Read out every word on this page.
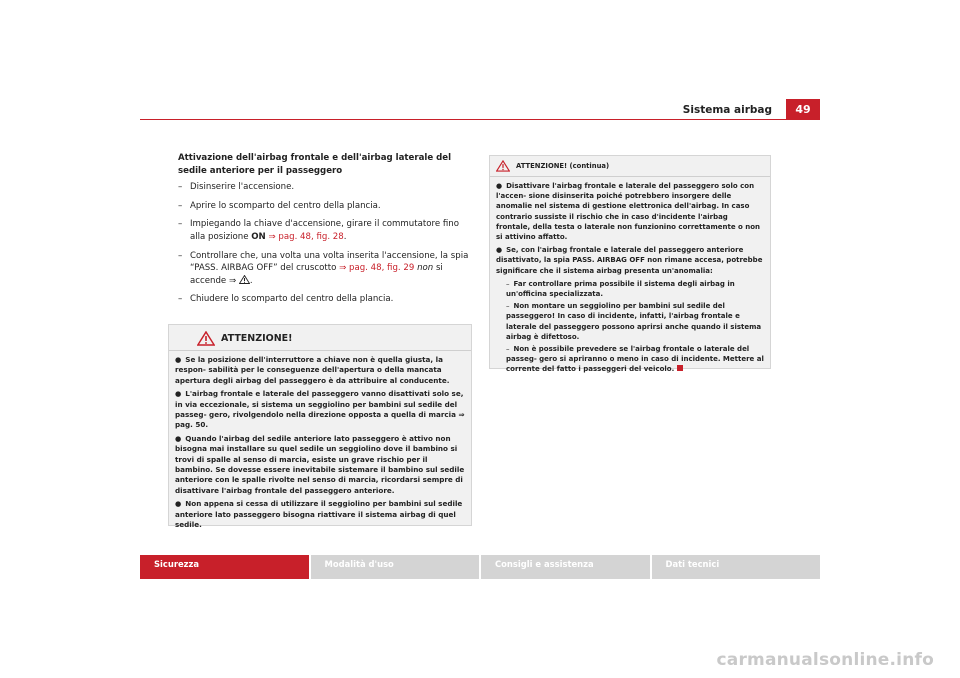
Sistema airbag	49
Attivazione dell'airbag frontale e dell'airbag laterale del sedile anteriore per il passeggero
– Disinserire l'accensione.
– Aprire lo scomparto del centro della plancia.
– Impiegando la chiave d'accensione, girare il commutatore fino alla posizione ON ⇒ pag. 48, fig. 28.
– Controllare che, una volta una volta inserita l'accensione, la spia “PASS. AIRBAG OFF” del cruscotto ⇒ pag. 48, fig. 29 non si accende ⇒ .
– Chiudere lo scomparto del centro della plancia.
ATTENZIONE!
● Se la posizione dell'interruttore a chiave non è quella giusta, la respon- sabilità per le conseguenze dell'apertura o della mancata apertura degli airbag del passeggero è da attribuire al conducente.
● L'airbag frontale e laterale del passeggero vanno disattivati solo se, in via eccezionale, si sistema un seggiolino per bambini sul sedile del passeg- gero, rivolgendolo nella direzione opposta a quella di marcia ⇒ pag. 50.
● Quando l'airbag del sedile anteriore lato passeggero è attivo non bisogna mai installare su quel sedile un seggiolino dove il bambino si trovi di spalle al senso di marcia, esiste un grave rischio per il bambino. Se dovesse essere inevitabile sistemare il bambino sul sedile anteriore con le spalle rivolte nel senso di marcia, ricordarsi sempre di disattivare l'airbag frontale del passeggero anteriore.
● Non appena si cessa di utilizzare il seggiolino per bambini sul sedile anteriore lato passeggero bisogna riattivare il sistema airbag di quel sedile.
ATTENZIONE! (continua)
● Disattivare l'airbag frontale e laterale del passeggero solo con l'accen- sione disinserita poiché potrebbero insorgere delle anomalie nel sistema di gestione elettronica dell'airbag. In caso contrario sussiste il rischio che in caso d'incidente l'airbag frontale, della testa o laterale non funzionino correttamente o non si attivino affatto.
● Se, con l'airbag frontale e laterale del passeggero anteriore disattivato, la spia PASS. AIRBAG OFF non rimane accesa, potrebbe significare che il sistema airbag presenta un'anomalia:
– Far controllare prima possibile il sistema degli airbag in un'officina specializzata.
– Non montare un seggiolino per bambini sul sedile del passeggero! In caso di incidente, infatti, l'airbag frontale e laterale del passeggero possono aprirsi anche quando il sistema airbag è difettoso.
– Non è possibile prevedere se l'airbag frontale o laterale del passeg- gero si apriranno o meno in caso di incidente. Mettere al corrente del fatto i passeggeri del veicolo.
Sicurezza	Modalità d'uso	Consigli e assistenza	Dati tecnici
carmanualsonline.info
